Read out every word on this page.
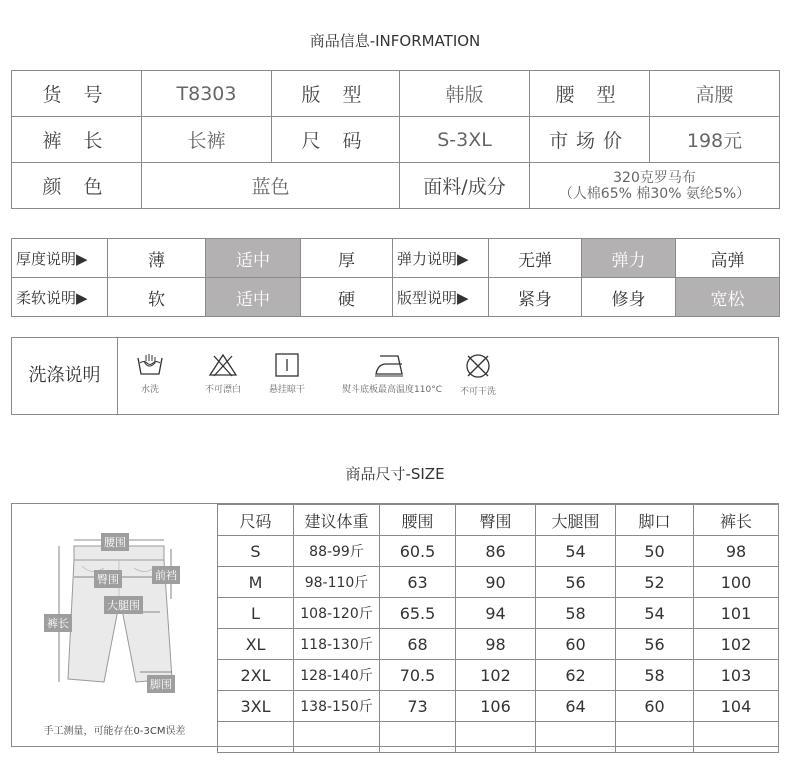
商品信息-INFORMATION
货 号	T8303	版 型	韩版	腰 型	高腰
裤 长	长裤	尺 码	S-3XL	市场价	198元
颜 色	蓝色		面料/成分	320克罗马布
（人棉65% 棉30% 氨纶5%）	
厚度说明▶	薄	适中	厚	弹力说明▶	无弹	弹力	高弹
柔软说明▶	软	适中	硬	版型说明▶	紧身	修身	宽松
洗涤说明
水洗	不可漂白	悬挂晾干	熨斗底板最高温度110°C	不可干洗
商品尺寸-SIZE
腰围
臀围	前裆
大腿围
裤长
脚围
手工测量，可能存在0-3CM误差
尺码	建议体重	腰围	臀围	大腿围	脚口	裤长
S	88-99斤	60.5	86	54	50	98
M	98-110斤	63	90	56	52	100
L	108-120斤	65.5	94	58	54	101
XL	118-130斤	68	98	60	56	102
2XL	128-140斤	70.5	102	62	58	103
3XL	138-150斤	73	106	64	60	104
